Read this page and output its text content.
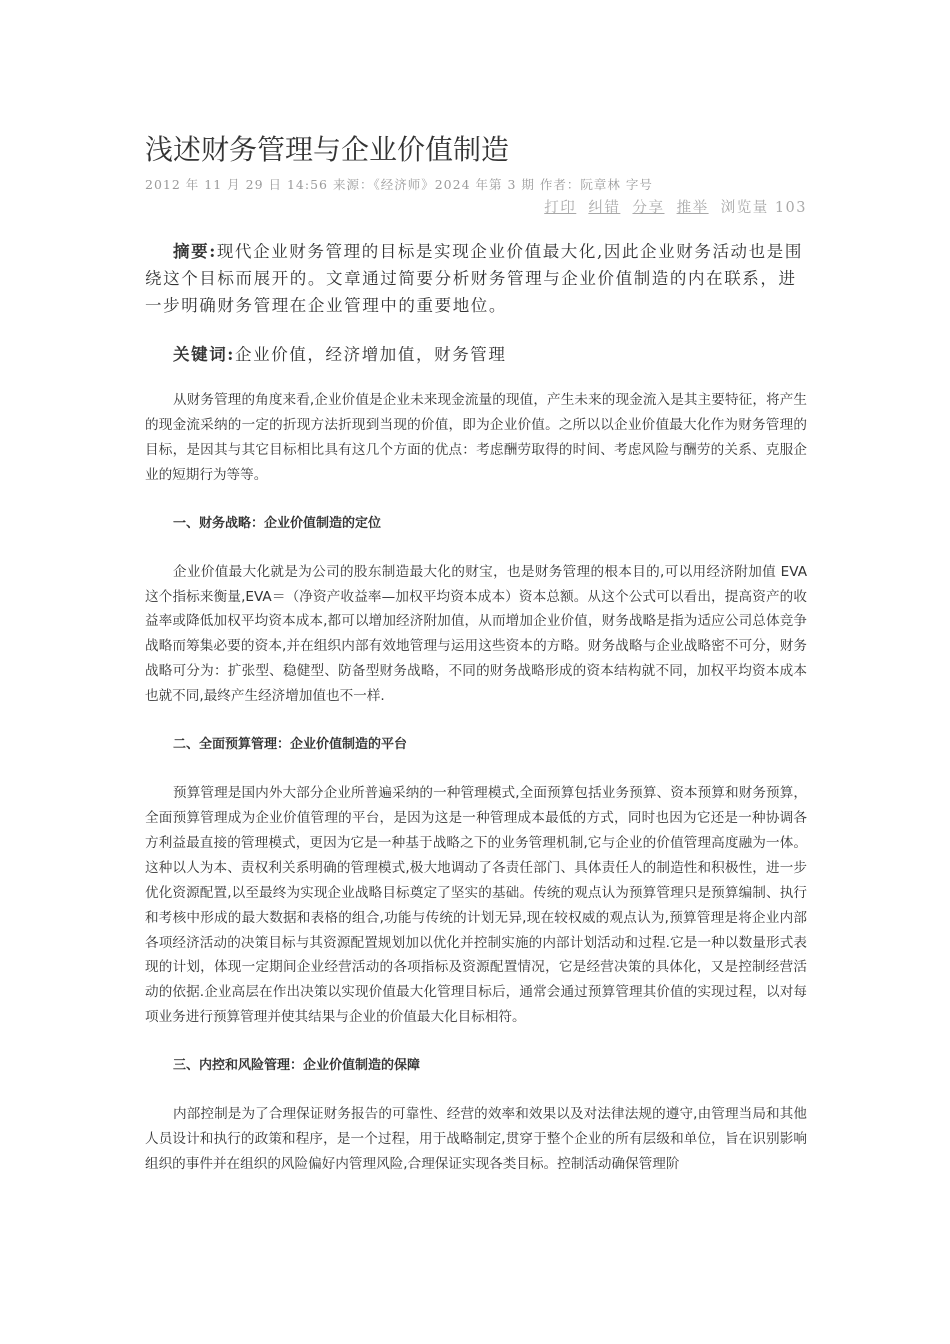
浅述财务管理与企业价值制造
2012 年 11 月 29 日 14:56 来源：《经济师》2024 年第 3 期 作者：阮章林 字号
打印 纠错 分享 推举 浏览量 103
摘要:现代企业财务管理的目标是实现企业价值最大化,因此企业财务活动也是围绕这个目标而展开的。文章通过简要分析财务管理与企业价值制造的内在联系，进一步明确财务管理在企业管理中的重要地位。
关键词:企业价值，经济增加值，财务管理

从财务管理的角度来看,企业价值是企业未来现金流量的现值，产生未来的现金流入是其主要特征，将产生的现金流采纳的一定的折现方法折现到当现的价值，即为企业价值。之所以以企业价值最大化作为财务管理的目标，是因其与其它目标相比具有这几个方面的优点：考虑酬劳取得的时间、考虑风险与酬劳的关系、克服企业的短期行为等等。

一、财务战略：企业价值制造的定位

企业价值最大化就是为公司的股东制造最大化的财宝，也是财务管理的根本目的,可以用经济附加值 EVA 这个指标来衡量,EVA＝（净资产收益率—加权平均资本成本）资本总额。从这个公式可以看出，提高资产的收益率或降低加权平均资本成本,都可以增加经济附加值，从而增加企业价值，财务战略是指为适应公司总体竞争战略而筹集必要的资本,并在组织内部有效地管理与运用这些资本的方略。财务战略与企业战略密不可分，财务战略可分为：扩张型、稳健型、防备型财务战略，不同的财务战略形成的资本结构就不同，加权平均资本成本也就不同,最终产生经济增加值也不一样.

二、全面预算管理：企业价值制造的平台

预算管理是国内外大部分企业所普遍采纳的一种管理模式,全面预算包括业务预算、资本预算和财务预算，全面预算管理成为企业价值管理的平台，是因为这是一种管理成本最低的方式，同时也因为它还是一种协调各方利益最直接的管理模式，更因为它是一种基于战略之下的业务管理机制,它与企业的价值管理高度融为一体。这种以人为本、责权利关系明确的管理模式,极大地调动了各责任部门、具体责任人的制造性和积极性，进一步优化资源配置,以至最终为实现企业战略目标奠定了坚实的基础。传统的观点认为预算管理只是预算编制、执行和考核中形成的最大数据和表格的组合,功能与传统的计划无异,现在较权威的观点认为,预算管理是将企业内部各项经济活动的决策目标与其资源配置规划加以优化并控制实施的内部计划活动和过程.它是一种以数量形式表现的计划，体现一定期间企业经营活动的各项指标及资源配置情况，它是经营决策的具体化，又是控制经营活动的依据.企业高层在作出决策以实现价值最大化管理目标后，通常会通过预算管理其价值的实现过程，以对每项业务进行预算管理并使其结果与企业的价值最大化目标相符。

三、内控和风险管理：企业价值制造的保障

内部控制是为了合理保证财务报告的可靠性、经营的效率和效果以及对法律法规的遵守,由管理当局和其他人员设计和执行的政策和程序，是一个过程，用于战略制定,贯穿于整个企业的所有层级和单位，旨在识别影响组织的事件并在组织的风险偏好内管理风险,合理保证实现各类目标。控制活动确保管理阶
